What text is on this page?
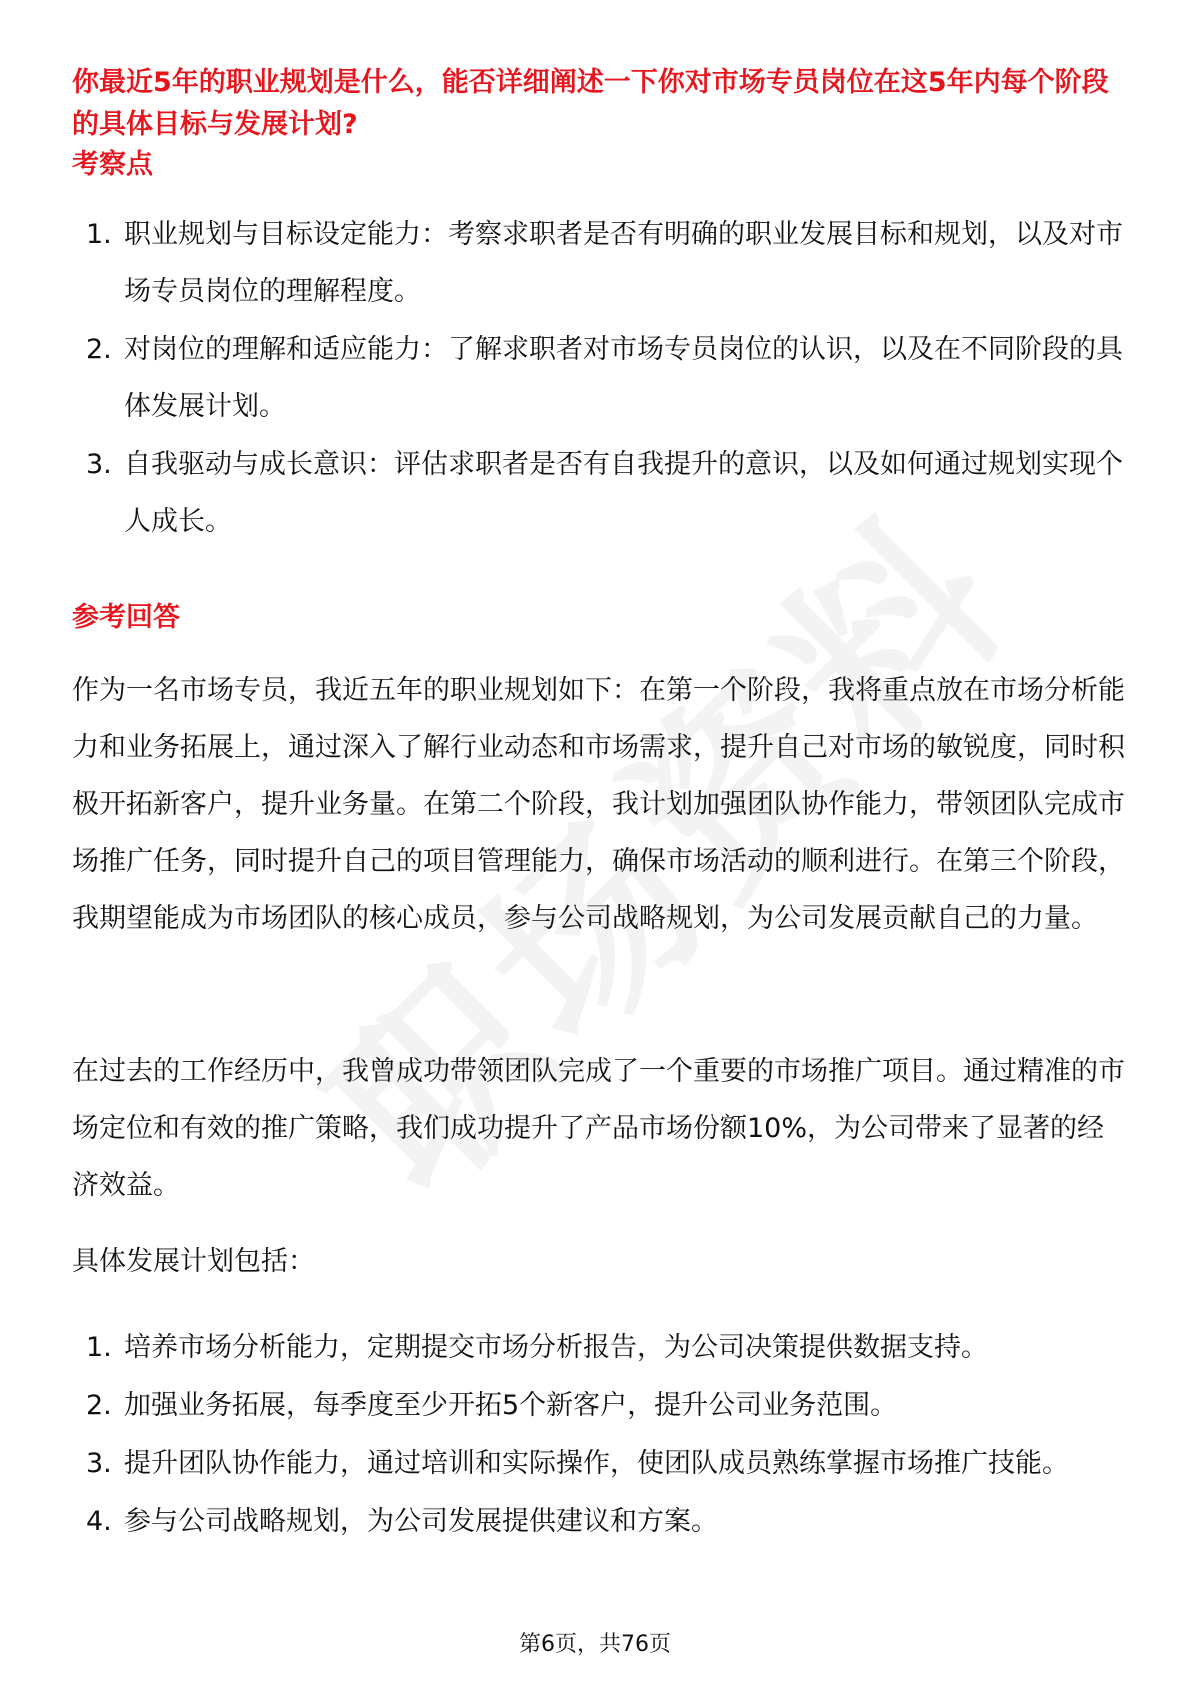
你最近5年的职业规划是什么，能否详细阐述一下你对市场专员岗位在这5年内每个阶段的具体目标与发展计划?
考察点
1. 职业规划与目标设定能力：考察求职者是否有明确的职业发展目标和规划，以及对市场专员岗位的理解程度。
2. 对岗位的理解和适应能力：了解求职者对市场专员岗位的认识，以及在不同阶段的具体发展计划。
3. 自我驱动与成长意识：评估求职者是否有自我提升的意识，以及如何通过规划实现个人成长。
参考回答

作为一名市场专员，我近五年的职业规划如下：在第一个阶段，我将重点放在市场分析能力和业务拓展上，通过深入了解行业动态和市场需求，提升自己对市场的敏锐度，同时积极开拓新客户，提升业务量。在第二个阶段，我计划加强团队协作能力，带领团队完成市场推广任务，同时提升自己的项目管理能力，确保市场活动的顺利进行。在第三个阶段，我期望能成为市场团队的核心成员，参与公司战略规划，为公司发展贡献自己的力量。

在过去的工作经历中，我曾成功带领团队完成了一个重要的市场推广项目。通过精准的市场定位和有效的推广策略，我们成功提升了产品市场份额10%，为公司带来了显著的经济效益。

具体发展计划包括：

1. 培养市场分析能力，定期提交市场分析报告，为公司决策提供数据支持。
2. 加强业务拓展，每季度至少开拓5个新客户，提升公司业务范围。
3. 提升团队协作能力，通过培训和实际操作，使团队成员熟练掌握市场推广技能。
4. 参与公司战略规划，为公司发展提供建议和方案。
第6页，共76页
